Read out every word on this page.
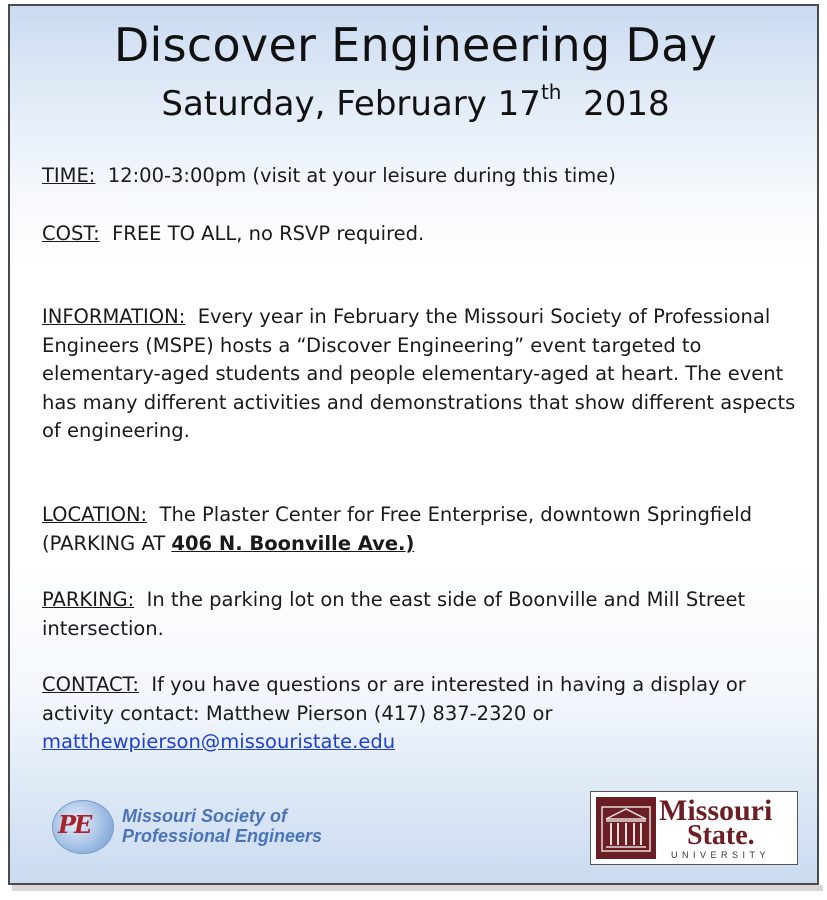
Discover Engineering Day
Saturday, February 17th 2018
TIME: 12:00-3:00pm (visit at your leisure during this time)
COST: FREE TO ALL, no RSVP required.
INFORMATION: Every year in February the Missouri Society of Professional Engineers (MSPE) hosts a “Discover Engineering” event targeted to elementary-aged students and people elementary-aged at heart. The event has many different activities and demonstrations that show different aspects of engineering.
LOCATION: The Plaster Center for Free Enterprise, downtown Springfield (PARKING AT 406 N. Boonville Ave.)
PARKING: In the parking lot on the east side of Boonville and Mill Street intersection.
CONTACT: If you have questions or are interested in having a display or activity contact: Matthew Pierson (417) 837-2320 or
matthewpierson@missouristate.edu
PE Missouri Society of
Professional Engineers
Missouri
State.
UNIVERSITY
